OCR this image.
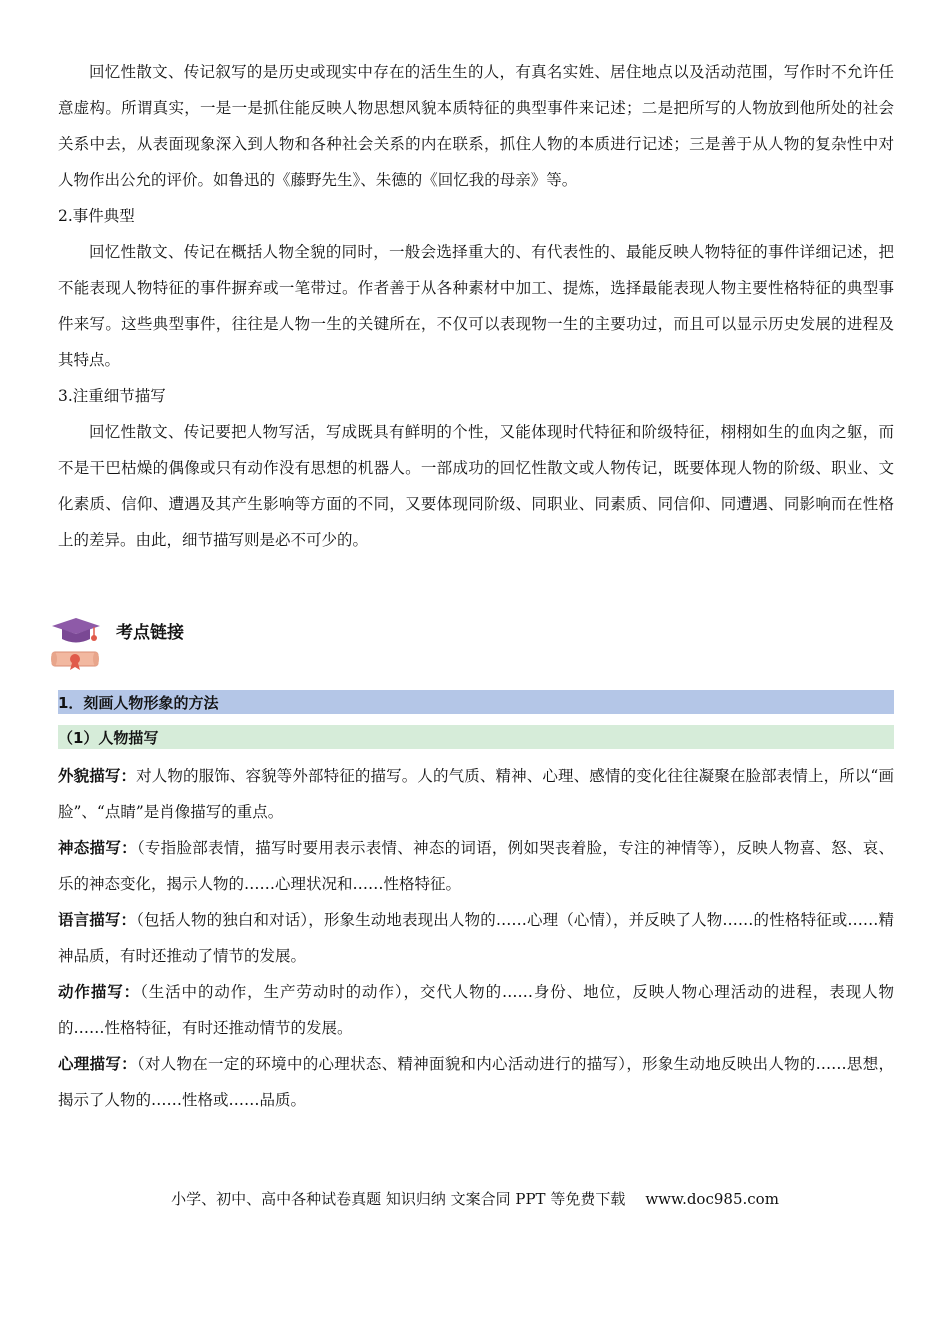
回忆性散文、传记叙写的是历史或现实中存在的活生生的人，有真名实姓、居住地点以及活动范围，写作时不允许任意虚构。所谓真实，一是一是抓住能反映人物思想风貌本质特征的典型事件来记述；二是把所写的人物放到他所处的社会关系中去，从表面现象深入到人物和各种社会关系的内在联系，抓住人物的本质进行记述；三是善于从人物的复杂性中对人物作出公允的评价。如鲁迅的《藤野先生》、朱德的《回忆我的母亲》等。

2.事件典型

回忆性散文、传记在概括人物全貌的同时，一般会选择重大的、有代表性的、最能反映人物特征的事件详细记述，把不能表现人物特征的事件摒弃或一笔带过。作者善于从各种素材中加工、提炼，选择最能表现人物主要性格特征的典型事件来写。这些典型事件，往往是人物一生的关键所在，不仅可以表现物一生的主要功过，而且可以显示历史发展的进程及其特点。

3.注重细节描写

回忆性散文、传记要把人物写活，写成既具有鲜明的个性，又能体现时代特征和阶级特征，栩栩如生的血肉之躯，而不是干巴枯燥的偶像或只有动作没有思想的机器人。一部成功的回忆性散文或人物传记，既要体现人物的阶级、职业、文化素质、信仰、遭遇及其产生影响等方面的不同，又要体现同阶级、同职业、同素质、同信仰、同遭遇、同影响而在性格上的差异。由此，细节描写则是必不可少的。

考点链接
1．刻画人物形象的方法
（1）人物描写

外貌描写：对人物的服饰、容貌等外部特征的描写。人的气质、精神、心理、感情的变化往往凝聚在脸部表情上，所以“画脸”、“点睛”是肖像描写的重点。

神态描写：（专指脸部表情，描写时要用表示表情、神态的词语，例如哭丧着脸，专注的神情等），反映人物喜、怒、哀、乐的神态变化，揭示人物的……心理状况和……性格特征。

语言描写：（包括人物的独白和对话），形象生动地表现出人物的……心理（心情），并反映了人物……的性格特征或……精神品质，有时还推动了情节的发展。

动作描写：（生活中的动作，生产劳动时的动作），交代人物的……身份、地位，反映人物心理活动的进程，表现人物的……性格特征，有时还推动情节的发展。

心理描写：（对人物在一定的环境中的心理状态、精神面貌和内心活动进行的描写），形象生动地反映出人物的……思想，揭示了人物的……性格或……品质。

小学、初中、高中各种试卷真题 知识归纳 文案合同 PPT 等免费下载 www.doc985.com
